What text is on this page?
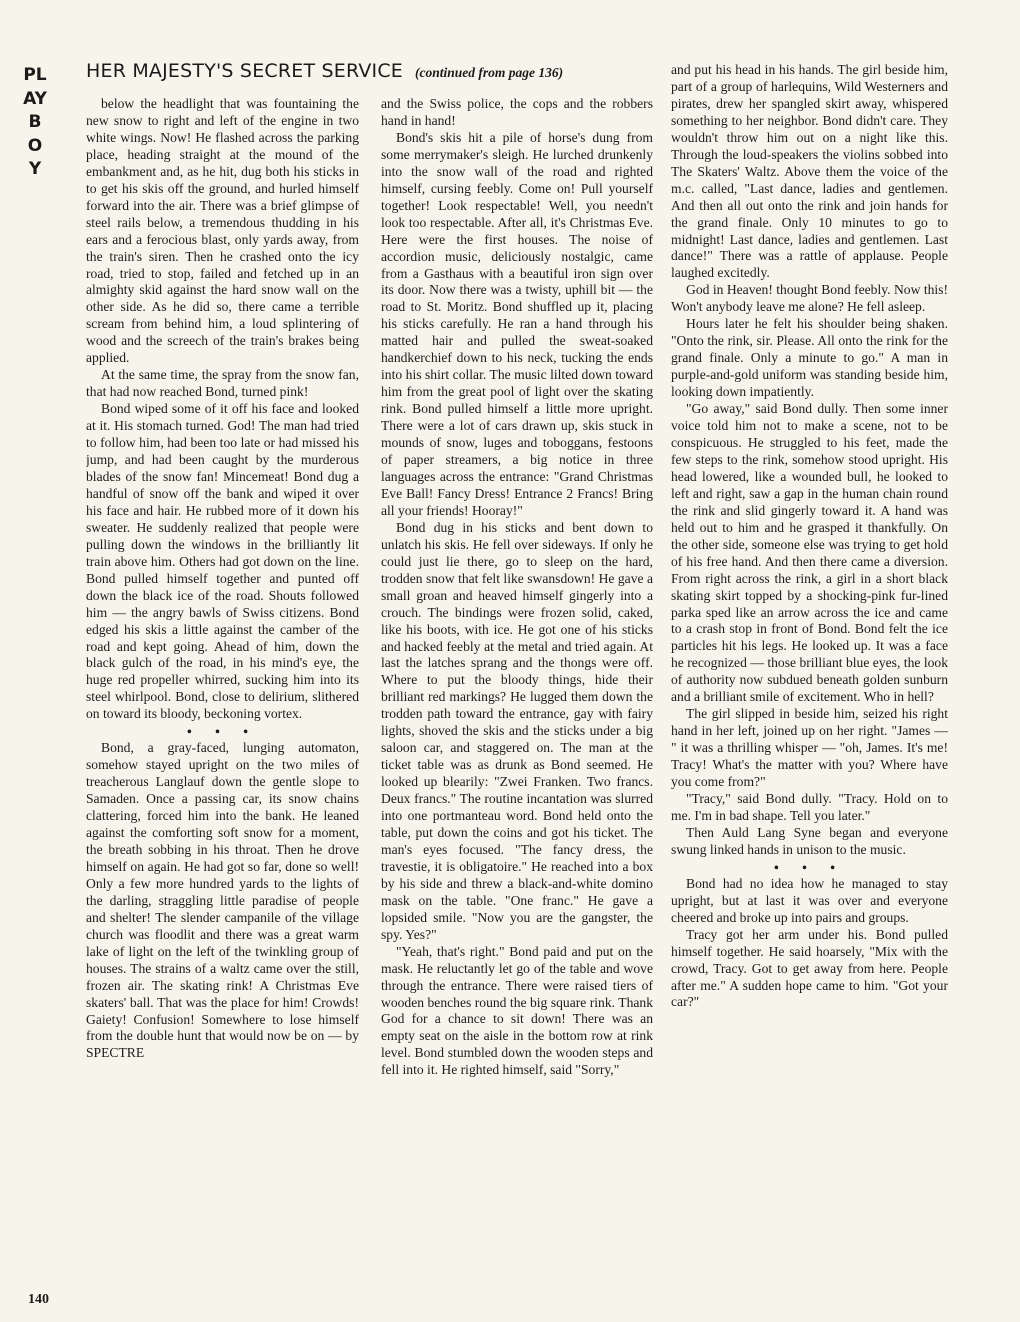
PLAYBOY
HER MAJESTY'S SECRET SERVICE (continued from page 136)

below the headlight that was fountaining the new snow to right and left of the engine in two white wings. Now! He flashed across the parking place, heading straight at the mound of the embankment and, as he hit, dug both his sticks in to get his skis off the ground, and hurled himself forward into the air. There was a brief glimpse of steel rails below, a tremendous thudding in his ears and a ferocious blast, only yards away, from the train's siren. Then he crashed onto the icy road, tried to stop, failed and fetched up in an almighty skid against the hard snow wall on the other side. As he did so, there came a terrible scream from behind him, a loud splintering of wood and the screech of the train's brakes being applied.

At the same time, the spray from the snow fan, that had now reached Bond, turned pink!

Bond wiped some of it off his face and looked at it. His stomach turned. God! The man had tried to follow him, had been too late or had missed his jump, and had been caught by the murderous blades of the snow fan! Mincemeat! Bond dug a handful of snow off the bank and wiped it over his face and hair. He rubbed more of it down his sweater. He suddenly realized that people were pulling down the windows in the brilliantly lit train above him. Others had got down on the line. Bond pulled himself together and punted off down the black ice of the road. Shouts followed him — the angry bawls of Swiss citizens. Bond edged his skis a little against the camber of the road and kept going. Ahead of him, down the black gulch of the road, in his mind's eye, the huge red propeller whirred, sucking him into its steel whirlpool. Bond, close to delirium, slithered on toward its bloody, beckoning vortex.

• • •

Bond, a gray-faced, lunging automaton, somehow stayed upright on the two miles of treacherous Langlauf down the gentle slope to Samaden. Once a passing car, its snow chains clattering, forced him into the bank. He leaned against the comforting soft snow for a moment, the breath sobbing in his throat. Then he drove himself on again. He had got so far, done so well! Only a few more hundred yards to the lights of the darling, straggling little paradise of people and shelter! The slender campanile of the village church was floodlit and there was a great warm lake of light on the left of the twinkling group of houses. The strains of a waltz came over the still, frozen air. The skating rink! A Christmas Eve skaters' ball. That was the place for him! Crowds! Gaiety! Confusion! Somewhere to lose himself from the double hunt that would now be on — by SPECTRE

and the Swiss police, the cops and the robbers hand in hand!

Bond's skis hit a pile of horse's dung from some merrymaker's sleigh. He lurched drunkenly into the snow wall of the road and righted himself, cursing feebly. Come on! Pull yourself together! Look respectable! Well, you needn't look too respectable. After all, it's Christmas Eve. Here were the first houses. The noise of accordion music, deliciously nostalgic, came from a Gasthaus with a beautiful iron sign over its door. Now there was a twisty, uphill bit — the road to St. Moritz. Bond shuffled up it, placing his sticks carefully. He ran a hand through his matted hair and pulled the sweat-soaked handkerchief down to his neck, tucking the ends into his shirt collar. The music lilted down toward him from the great pool of light over the skating rink. Bond pulled himself a little more upright. There were a lot of cars drawn up, skis stuck in mounds of snow, luges and toboggans, festoons of paper streamers, a big notice in three languages across the entrance: "Grand Christmas Eve Ball! Fancy Dress! Entrance 2 Francs! Bring all your friends! Hooray!"

Bond dug in his sticks and bent down to unlatch his skis. He fell over sideways. If only he could just lie there, go to sleep on the hard, trodden snow that felt like swansdown! He gave a small groan and heaved himself gingerly into a crouch. The bindings were frozen solid, caked, like his boots, with ice. He got one of his sticks and hacked feebly at the metal and tried again. At last the latches sprang and the thongs were off. Where to put the bloody things, hide their brilliant red markings? He lugged them down the trodden path toward the entrance, gay with fairy lights, shoved the skis and the sticks under a big saloon car, and staggered on. The man at the ticket table was as drunk as Bond seemed. He looked up blearily: "Zwei Franken. Two francs. Deux francs." The routine incantation was slurred into one portmanteau word. Bond held onto the table, put down the coins and got his ticket. The man's eyes focused. "The fancy dress, the travestie, it is obligatoire." He reached into a box by his side and threw a black-and-white domino mask on the table. "One franc." He gave a lopsided smile. "Now you are the gangster, the spy. Yes?"

"Yeah, that's right." Bond paid and put on the mask. He reluctantly let go of the table and wove through the entrance. There were raised tiers of wooden benches round the big square rink. Thank God for a chance to sit down! There was an empty seat on the aisle in the bottom row at rink level. Bond stumbled down the wooden steps and fell into it. He righted himself, said "Sorry,"

and put his head in his hands. The girl beside him, part of a group of harlequins, Wild Westerners and pirates, drew her spangled skirt away, whispered something to her neighbor. Bond didn't care. They wouldn't throw him out on a night like this. Through the loud-speakers the violins sobbed into The Skaters' Waltz. Above them the voice of the m.c. called, "Last dance, ladies and gentlemen. And then all out onto the rink and join hands for the grand finale. Only 10 minutes to go to midnight! Last dance, ladies and gentlemen. Last dance!" There was a rattle of applause. People laughed excitedly.

God in Heaven! thought Bond feebly. Now this! Won't anybody leave me alone? He fell asleep.

Hours later he felt his shoulder being shaken. "Onto the rink, sir. Please. All onto the rink for the grand finale. Only a minute to go." A man in purple-and-gold uniform was standing beside him, looking down impatiently.

"Go away," said Bond dully. Then some inner voice told him not to make a scene, not to be conspicuous. He struggled to his feet, made the few steps to the rink, somehow stood upright. His head lowered, like a wounded bull, he looked to left and right, saw a gap in the human chain round the rink and slid gingerly toward it. A hand was held out to him and he grasped it thankfully. On the other side, someone else was trying to get hold of his free hand. And then there came a diversion. From right across the rink, a girl in a short black skating skirt topped by a shocking-pink fur-lined parka sped like an arrow across the ice and came to a crash stop in front of Bond. Bond felt the ice particles hit his legs. He looked up. It was a face he recognized — those brilliant blue eyes, the look of authority now subdued beneath golden sunburn and a brilliant smile of excitement. Who in hell?

The girl slipped in beside him, seized his right hand in her left, joined up on her right. "James — " it was a thrilling whisper — "oh, James. It's me! Tracy! What's the matter with you? Where have you come from?"

"Tracy," said Bond dully. "Tracy. Hold on to me. I'm in bad shape. Tell you later."

Then Auld Lang Syne began and everyone swung linked hands in unison to the music.

• • •

Bond had no idea how he managed to stay upright, but at last it was over and everyone cheered and broke up into pairs and groups.

Tracy got her arm under his. Bond pulled himself together. He said hoarsely, "Mix with the crowd, Tracy. Got to get away from here. People after me." A sudden hope came to him. "Got your car?"

140
